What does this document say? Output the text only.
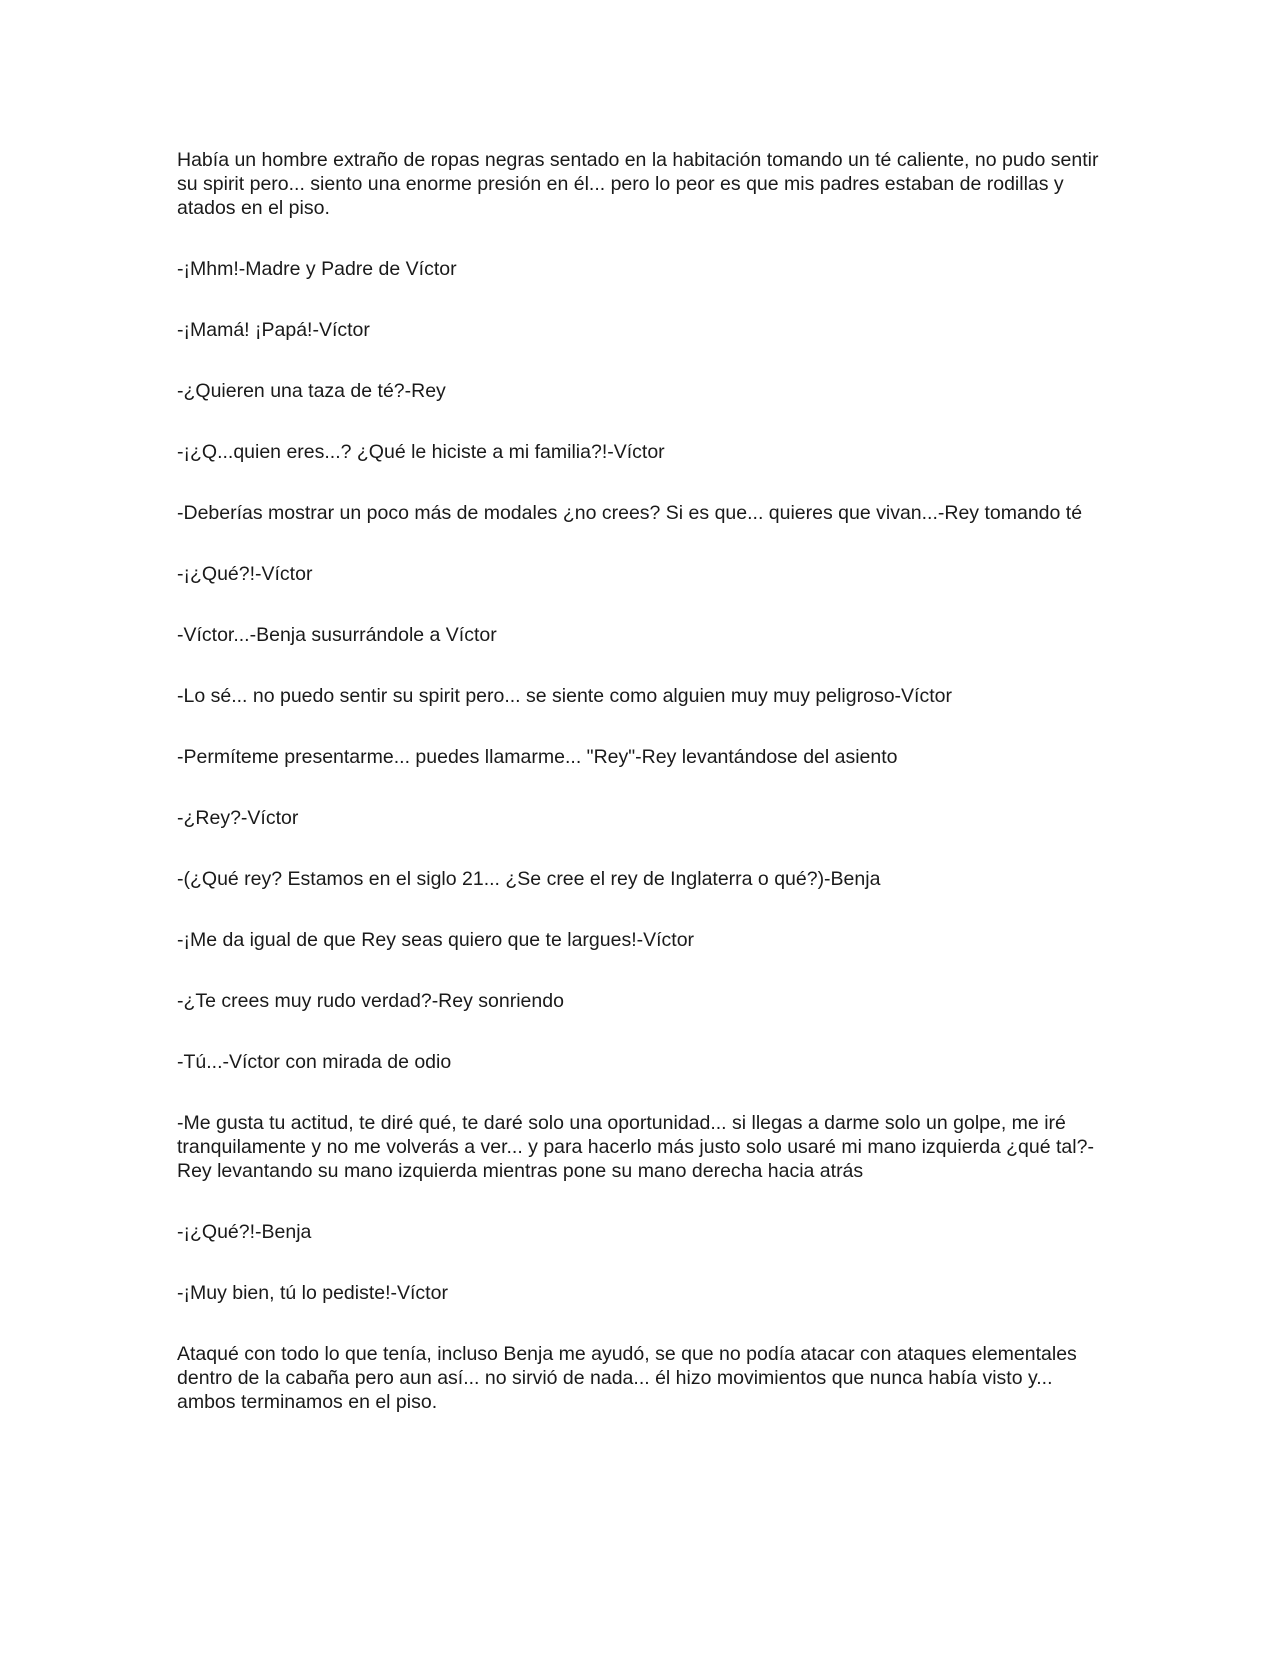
Había un hombre extraño de ropas negras sentado en la habitación tomando un té caliente, no pudo sentir su spirit pero... siento una enorme presión en él... pero lo peor es que mis padres estaban de rodillas y atados en el piso.

-¡Mhm!-Madre y Padre de Víctor

-¡Mamá! ¡Papá!-Víctor

-¿Quieren una taza de té?-Rey

-¡¿Q...quien eres...? ¿Qué le hiciste a mi familia?!-Víctor

-Deberías mostrar un poco más de modales ¿no crees? Si es que... quieres que vivan...-Rey tomando té

-¡¿Qué?!-Víctor

-Víctor...-Benja susurrándole a Víctor

-Lo sé... no puedo sentir su spirit pero... se siente como alguien muy muy peligroso-Víctor

-Permíteme presentarme... puedes llamarme... "Rey"-Rey levantándose del asiento

-¿Rey?-Víctor

-(¿Qué rey? Estamos en el siglo 21... ¿Se cree el rey de Inglaterra o qué?)-Benja

-¡Me da igual de que Rey seas quiero que te largues!-Víctor

-¿Te crees muy rudo verdad?-Rey sonriendo

-Tú...-Víctor con mirada de odio

-Me gusta tu actitud, te diré qué, te daré solo una oportunidad... si llegas a darme solo un golpe, me iré tranquilamente y no me volverás a ver... y para hacerlo más justo solo usaré mi mano izquierda ¿qué tal?-Rey levantando su mano izquierda mientras pone su mano derecha hacia atrás

-¡¿Qué?!-Benja

-¡Muy bien, tú lo pediste!-Víctor

Ataqué con todo lo que tenía, incluso Benja me ayudó, se que no podía atacar con ataques elementales dentro de la cabaña pero aun así... no sirvió de nada... él hizo movimientos que nunca había visto y... ambos terminamos en el piso.
